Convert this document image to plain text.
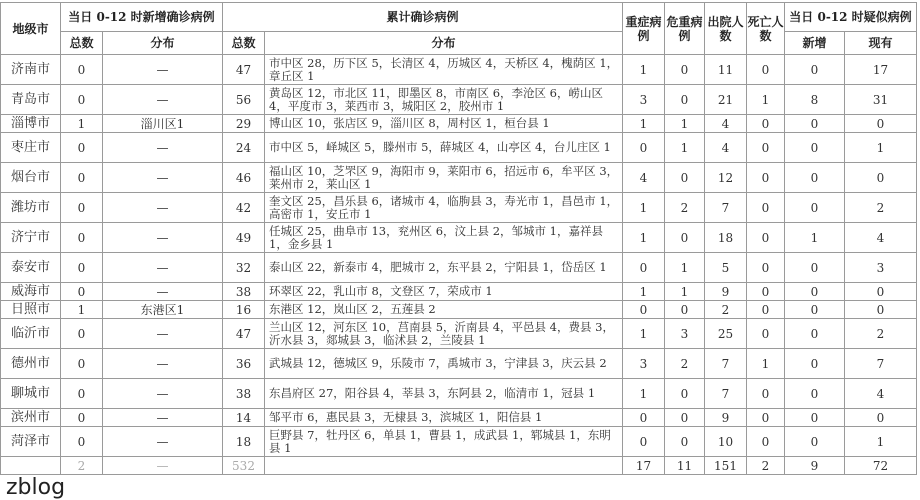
地级市	当日 0-12 时新增确诊病例		累计确诊病例		重症病例	危重病例	出院人数	死亡人数	当日 0-12 时疑似病例	
	总数	分布	总数	分布					新增	现有
济南市	0	—	47	市中区 28，历下区 5，长清区 4，历城区 4，天桥区 4，槐荫区 1，章丘区 1	1	0	11	0	0	17
青岛市	0	—	56	黄岛区 12，市北区 11，即墨区 8，市南区 6，李沧区 6，崂山区 4，平度市 3，莱西市 3，城阳区 2，胶州市 1	3	0	21	1	8	31
淄博市	1	淄川区1	29	博山区 10，张店区 9，淄川区 8，周村区 1，桓台县 1	1	1	4	0	0	0
枣庄市	0	—	24	市中区 5，峄城区 5，滕州市 5，薛城区 4，山亭区 4，台儿庄区 1	0	1	4	0	0	1
烟台市	0	—	46	福山区 10，芝罘区 9，海阳市 9，莱阳市 6，招远市 6，牟平区 3，莱州市 2，莱山区 1	4	0	12	0	0	0
潍坊市	0	—	42	奎文区 25，昌乐县 6，诸城市 4，临朐县 3，寿光市 1，昌邑市 1，高密市 1，安丘市 1	1	2	7	0	0	2
济宁市	0	—	49	任城区 25，曲阜市 13，兖州区 6，汶上县 2，邹城市 1，嘉祥县 1，金乡县 1	1	0	18	0	1	4
泰安市	0	—	32	泰山区 22，新泰市 4，肥城市 2，东平县 2，宁阳县 1，岱岳区 1	0	1	5	0	0	3
威海市	0	—	38	环翠区 22，乳山市 8，文登区 7，荣成市 1	1	1	9	0	0	0
日照市	1	东港区1	16	东港区 12，岚山区 2，五莲县 2	0	0	2	0	0	0
临沂市	0	—	47	兰山区 12，河东区 10，莒南县 5，沂南县 4，平邑县 4，费县 3，沂水县 3，郯城县 3，临沭县 2，兰陵县 1	1	3	25	0	0	2
德州市	0	—	36	武城县 12，德城区 9，乐陵市 7，禹城市 3，宁津县 3，庆云县 2	3	2	7	1	0	7
聊城市	0	—	38	东昌府区 27，阳谷县 4，莘县 3，东阿县 2，临清市 1，冠县 1	1	0	7	0	0	4
滨州市	0	—	14	邹平市 6，惠民县 3，无棣县 3，滨城区 1，阳信县 1	0	0	9	0	0	0
菏泽市	0	—	18	巨野县 7，牡丹区 6，单县 1，曹县 1，成武县 1，郓城县 1，东明县 1	0	0	10	0	0	1
	2	—	532		17	11	151	2	9	72
zblog
